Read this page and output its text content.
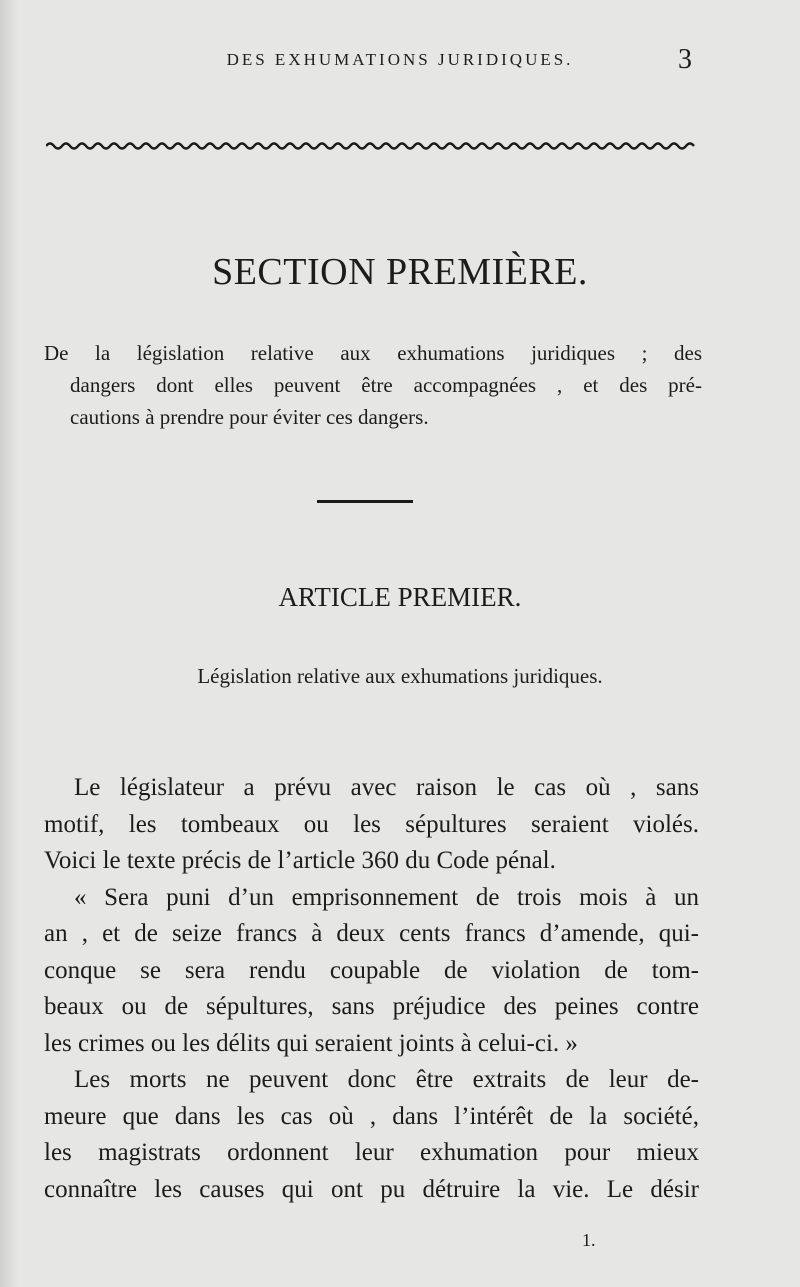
DES EXHUMATIONS JURIDIQUES.	3
SECTION PREMIÈRE.
De la législation relative aux exhumations juridiques ; des
dangers dont elles peuvent être accompagnées , et des pré-
cautions à prendre pour éviter ces dangers.
ARTICLE PREMIER.
Législation relative aux exhumations juridiques.
Le législateur a prévu avec raison le cas où , sans
motif, les tombeaux ou les sépultures seraient violés.
Voici le texte précis de l’article 360 du Code pénal.
« Sera puni d’un emprisonnement de trois mois à un
an , et de seize francs à deux cents francs d’amende, qui-
conque se sera rendu coupable de violation de tom-
beaux ou de sépultures, sans préjudice des peines contre
les crimes ou les délits qui seraient joints à celui-ci. »
Les morts ne peuvent donc être extraits de leur de-
meure que dans les cas où , dans l’intérêt de la société,
les magistrats ordonnent leur exhumation pour mieux
connaître les causes qui ont pu détruire la vie. Le désir
1.
